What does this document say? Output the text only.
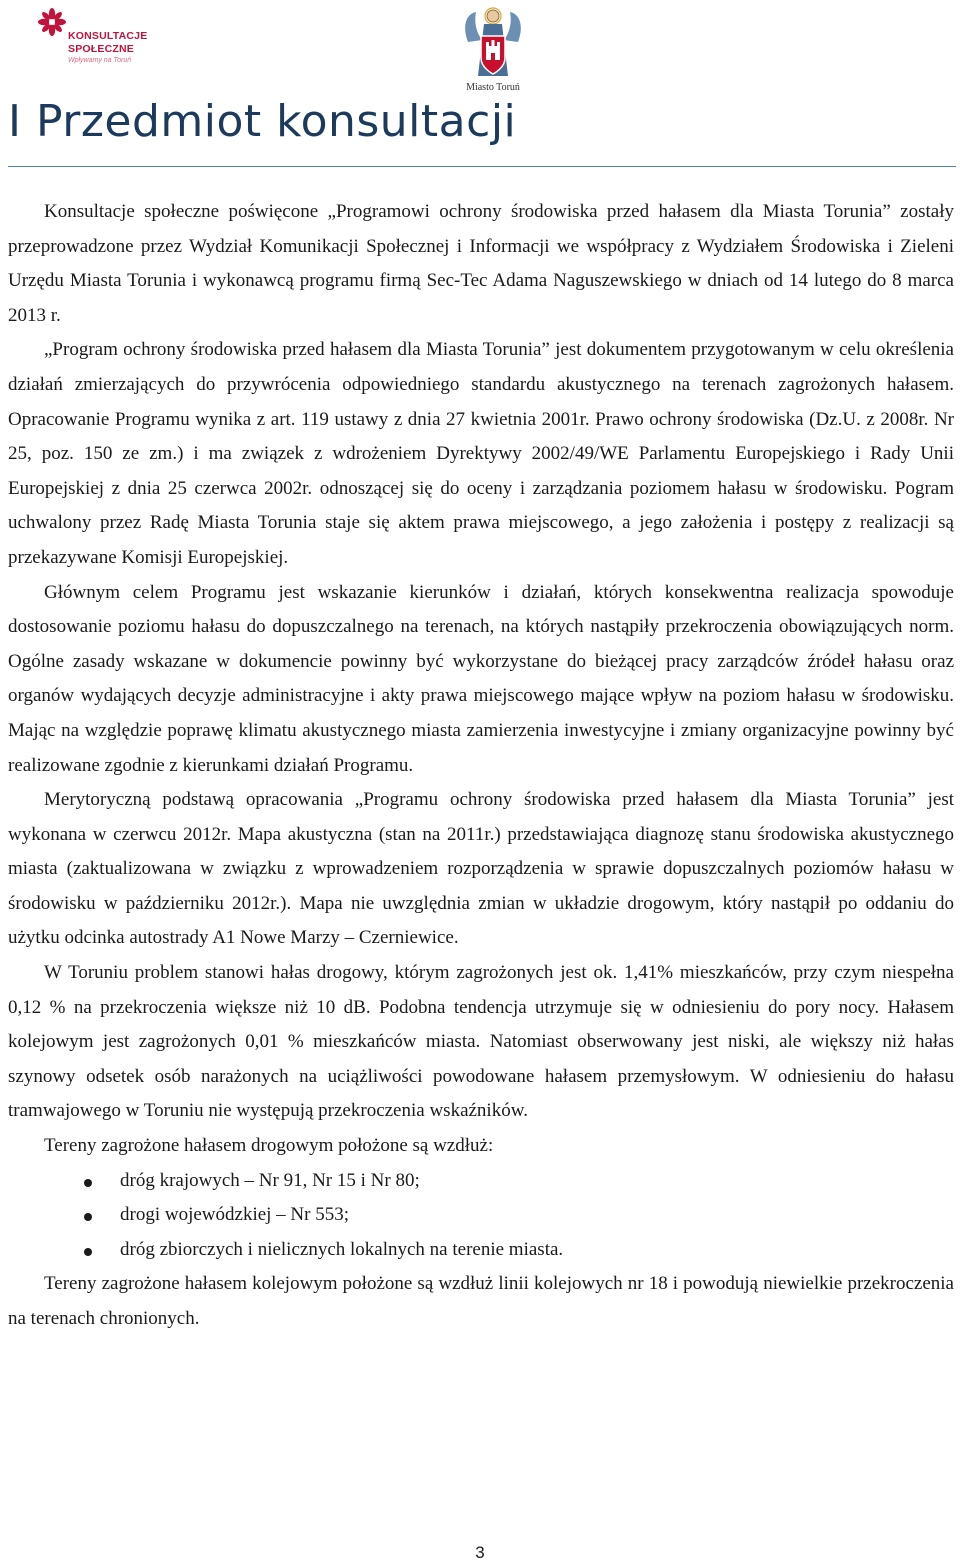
KONSULTACJE
SPOŁECZNE
Wpływamy na Toruń
Miasto Toruń
I Przedmiot konsultacji

Konsultacje społeczne poświęcone „Programowi ochrony środowiska przed hałasem dla Miasta Torunia” zostały przeprowadzone przez Wydział Komunikacji Społecznej i Informacji we współpracy z Wydziałem Środowiska i Zieleni Urzędu Miasta Torunia i wykonawcą programu firmą Sec-Tec Adama Naguszewskiego w dniach od 14 lutego do 8 marca 2013 r.

„Program ochrony środowiska przed hałasem dla Miasta Torunia” jest dokumentem przygotowanym w celu określenia działań zmierzających do przywrócenia odpowiedniego standardu akustycznego na terenach zagrożonych hałasem. Opracowanie Programu wynika z art. 119 ustawy z dnia 27 kwietnia 2001r. Prawo ochrony środowiska (Dz.U. z 2008r. Nr 25, poz. 150 ze zm.) i ma związek z wdrożeniem Dyrektywy 2002/49/WE Parlamentu Europejskiego i Rady Unii Europejskiej z dnia 25 czerwca 2002r. odnoszącej się do oceny i zarządzania poziomem hałasu w środowisku. Pogram uchwalony przez Radę Miasta Torunia staje się aktem prawa miejscowego, a jego założenia i postępy z realizacji są przekazywane Komisji Europejskiej.

Głównym celem Programu jest wskazanie kierunków i działań, których konsekwentna realizacja spowoduje dostosowanie poziomu hałasu do dopuszczalnego na terenach, na których nastąpiły przekroczenia obowiązujących norm. Ogólne zasady wskazane w dokumencie powinny być wykorzystane do bieżącej pracy zarządców źródeł hałasu oraz organów wydających decyzje administracyjne i akty prawa miejscowego mające wpływ na poziom hałasu w środowisku. Mając na względzie poprawę klimatu akustycznego miasta zamierzenia inwestycyjne i zmiany organizacyjne powinny być realizowane zgodnie z kierunkami działań Programu.

Merytoryczną podstawą opracowania „Programu ochrony środowiska przed hałasem dla Miasta Torunia” jest wykonana w czerwcu 2012r. Mapa akustyczna (stan na 2011r.) przedstawiająca diagnozę stanu środowiska akustycznego miasta (zaktualizowana w związku z wprowadzeniem rozporządzenia w sprawie dopuszczalnych poziomów hałasu w środowisku w październiku 2012r.). Mapa nie uwzględnia zmian w układzie drogowym, który nastąpił po oddaniu do użytku odcinka autostrady A1 Nowe Marzy – Czerniewice.

W Toruniu problem stanowi hałas drogowy, którym zagrożonych jest ok. 1,41% mieszkańców, przy czym niespełna 0,12 % na przekroczenia większe niż 10 dB. Podobna tendencja utrzymuje się w odniesieniu do pory nocy. Hałasem kolejowym jest zagrożonych 0,01 % mieszkańców miasta. Natomiast obserwowany jest niski, ale większy niż hałas szynowy odsetek osób narażonych na uciążliwości powodowane hałasem przemysłowym. W odniesieniu do hałasu tramwajowego w Toruniu nie występują przekroczenia wskaźników.

Tereny zagrożone hałasem drogowym położone są wzdłuż:

dróg krajowych – Nr 91, Nr 15 i Nr 80;
drogi wojewódzkiej – Nr 553;
dróg zbiorczych i nielicznych lokalnych na terenie miasta.

Tereny zagrożone hałasem kolejowym położone są wzdłuż linii kolejowych nr 18 i powodują niewielkie przekroczenia na terenach chronionych.

3
